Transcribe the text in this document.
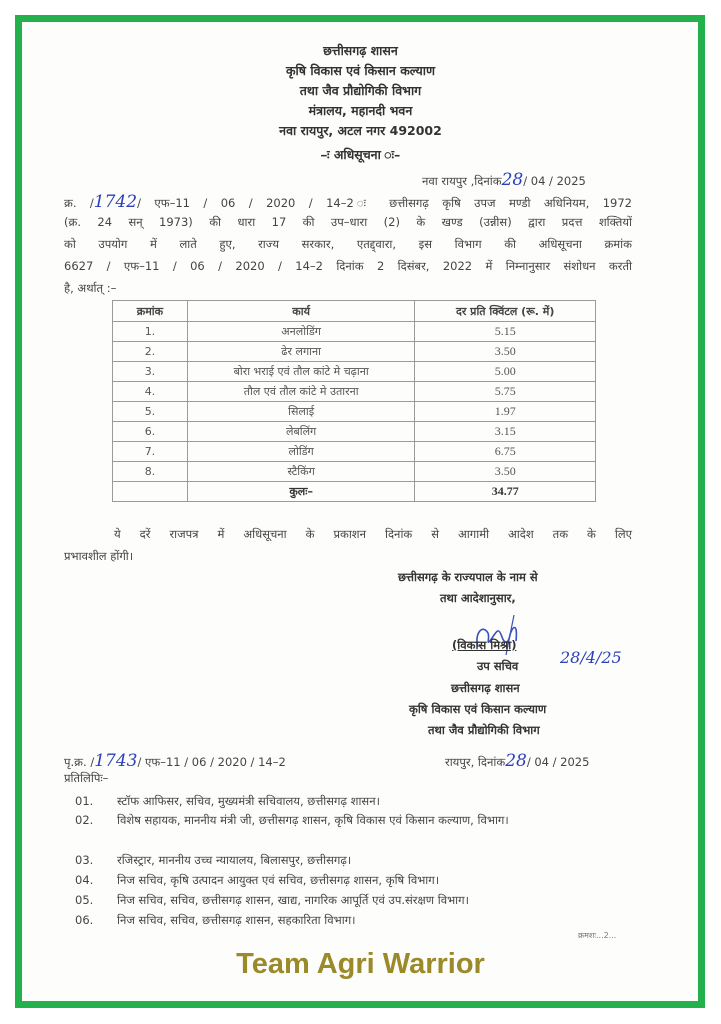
छत्तीसगढ़ शासन
कृषि विकास एवं किसान कल्याण
तथा जैव प्रौद्योगिकी विभाग
मंत्रालय, महानदी भवन
नवा रायपुर, अटल नगर 492002
–ः अधिसूचना ः–
नवा रायपुर ,दिनांक28/ 04 / 2025
क्र. /1742/ एफ–11 / 06 / 2020 / 14–2 ः छत्तीसगढ़ कृषि उपज मण्डी अधिनियम, 1972
(क्र. 24 सन् 1973) की धारा 17 की उप–धारा (2) के खण्ड (उन्नीस) द्वारा प्रदत्त शक्तियों
को उपयोग में लाते हुए, राज्य सरकार, एतद्द्वारा, इस विभाग की अधिसूचना क्रमांक
6627 / एफ–11 / 06 / 2020 / 14–2 दिनांक 2 दिसंबर, 2022 में निम्नानुसार संशोधन करती
है, अर्थात् :–
क्रमांक	कार्य	दर प्रति क्विंटल (रू. में)
1.	अनलोडिंग	5.15
2.	ढेर लगाना	3.50
3.	बोरा भराई एवं तौल कांटे मे चढ़ाना	5.00
4.	तौल एवं तौल कांटे मे उतारना	5.75
5.	सिलाई	1.97
6.	लेबलिंग	3.15
7.	लोडिंग	6.75
8.	स्टैकिंग	3.50
	कुलः–	34.77
ये दरें राजपत्र में अधिसूचना के प्रकाशन दिनांक से आगामी आदेश तक के लिए
प्रभावशील होंगी।
छत्तीसगढ़ के राज्यपाल के नाम से
तथा आदेशानुसार,
(विकास मिश्रा)
28/4/25
उप सचिव
छत्तीसगढ़ शासन
कृषि विकास एवं किसान कल्याण
तथा जैव प्रौद्योगिकी विभाग
पृ.क्र. /1743/ एफ–11 / 06 / 2020 / 14–2	रायपुर, दिनांक28/ 04 / 2025
प्रतिलिपिः–
01.	स्टॉफ आफिसर, सचिव, मुख्यमंत्री सचिवालय, छत्तीसगढ़ शासन।
02.	विशेष सहायक, माननीय मंत्री जी, छत्तीसगढ़ शासन, कृषि विकास एवं किसान कल्याण, विभाग।
03.	रजिस्ट्रार, माननीय उच्च न्यायालय, बिलासपुर, छत्तीसगढ़।
04.	निज सचिव, कृषि उत्पादन आयुक्त एवं सचिव, छत्तीसगढ़ शासन, कृषि विभाग।
05.	निज सचिव, सचिव, छत्तीसगढ़ शासन, खाद्य, नागरिक आपूर्ति एवं उप.संरक्षण विभाग।
06.	निज सचिव, सचिव, छत्तीसगढ़ शासन, सहकारिता विभाग।
क्रमशः...2...
Team Agri Warrior
